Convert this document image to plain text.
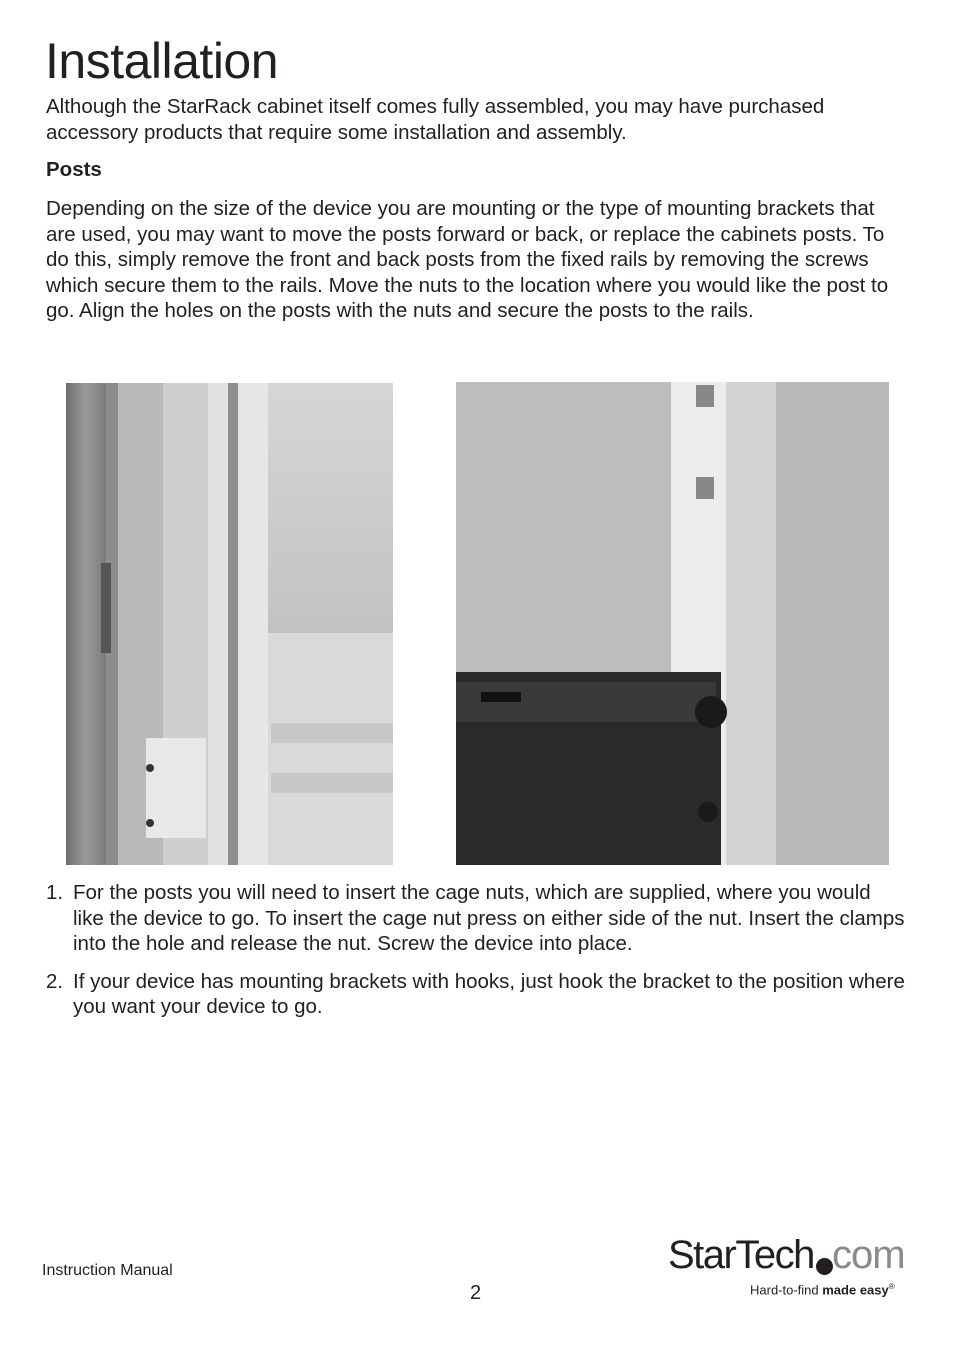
Installation

Although the StarRack cabinet itself comes fully assembled, you may have purchased accessory products that require some installation and assembly.

Posts

Depending on the size of the device you are mounting or the type of mounting brackets that are used, you may want to move the posts forward or back, or replace the cabinets posts. To do this, simply remove the front and back posts from the fixed rails by removing the screws which secure them to the rails. Move the nuts to the location where you would like the post to go. Align the holes on the posts with the nuts and secure the posts to the rails.

1. For the posts you will need to insert the cage nuts, which are supplied, where you would like the device to go. To insert the cage nut press on either side of the nut. Insert the clamps into the hole and release the nut. Screw the device into place.
2. If your device has mounting brackets with hooks, just hook the bracket to the position where you want your device to go.
Instruction Manual
2
StarTech com
Hard-to-find made easy®
